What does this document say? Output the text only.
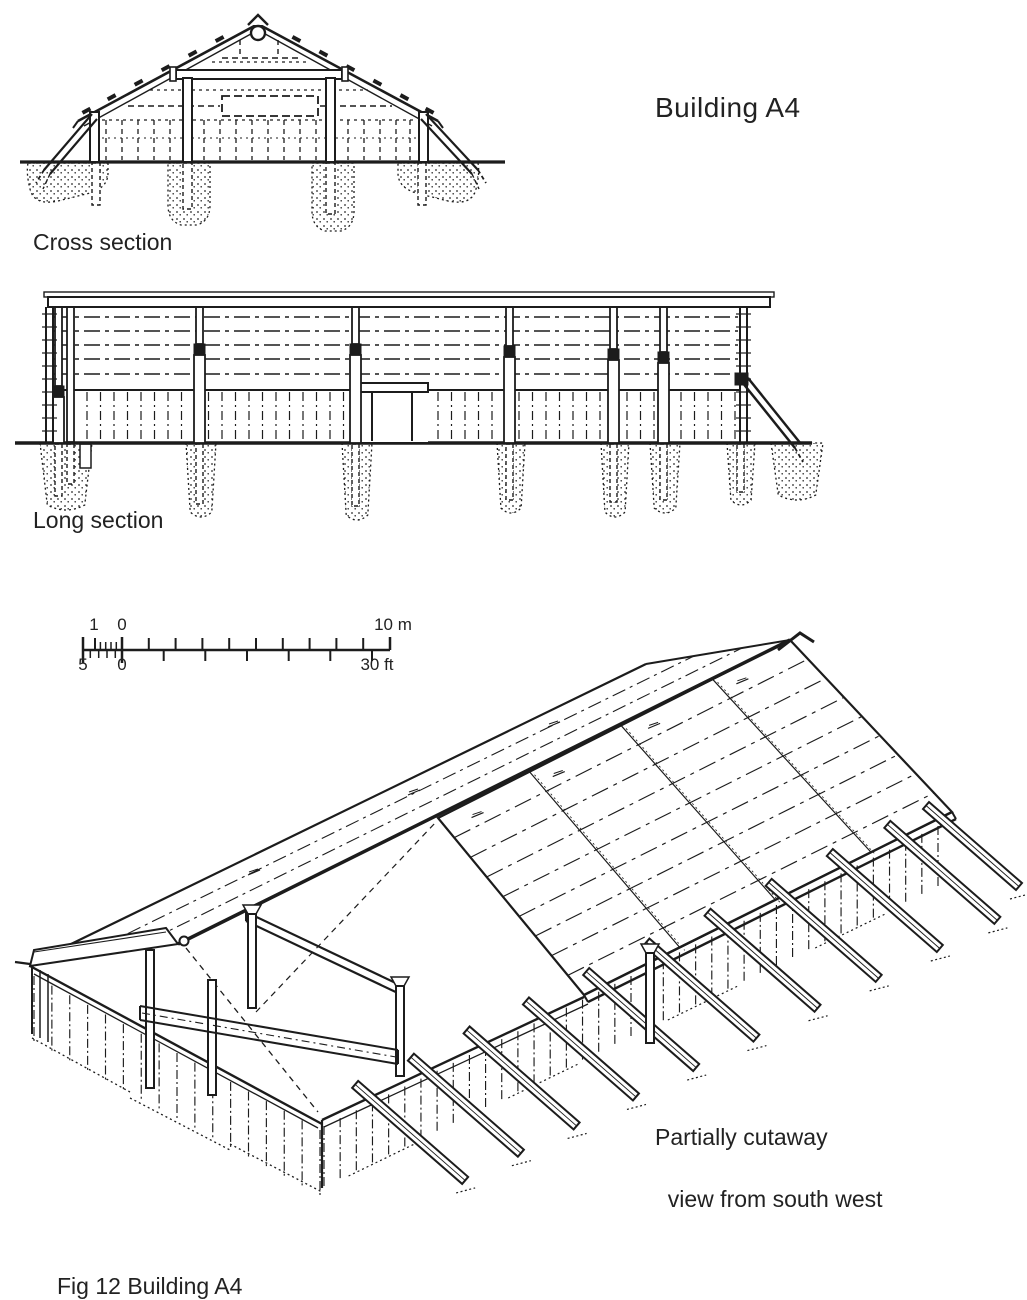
Building A4
Cross section
Long section
1 0	10 m
5 0	30 ft
Partially cutaway

view from south west
Fig 12 Building A4
